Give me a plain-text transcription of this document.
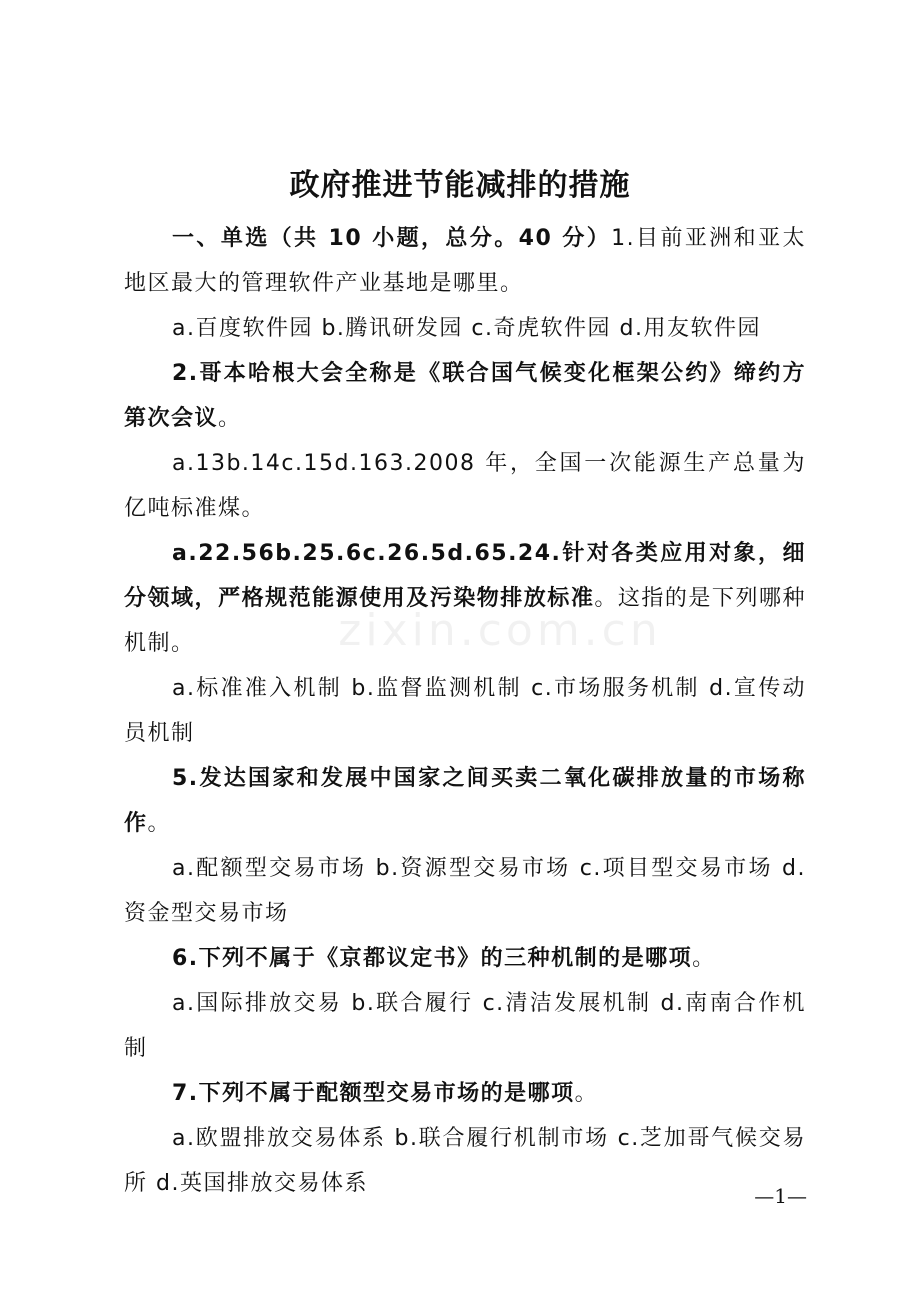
政府推进节能减排的措施

一、单选（共 10 小题，总分。40 分）1.目前亚洲和亚太地区最大的管理软件产业基地是哪里。

a.百度软件园 b.腾讯研发园 c.奇虎软件园 d.用友软件园

2.哥本哈根大会全称是《联合国气候变化框架公约》缔约方第次会议。

a.13b.14c.15d.163.2008 年，全国一次能源生产总量为亿吨标准煤。

a.22.56b.25.6c.26.5d.65.24.针对各类应用对象，细分领域，严格规范能源使用及污染物排放标准。这指的是下列哪种机制。

a.标准准入机制 b.监督监测机制 c.市场服务机制 d.宣传动员机制

5.发达国家和发展中国家之间买卖二氧化碳排放量的市场称作。

a.配额型交易市场 b.资源型交易市场 c.项目型交易市场 d.资金型交易市场

6.下列不属于《京都议定书》的三种机制的是哪项。

a.国际排放交易 b.联合履行 c.清洁发展机制 d.南南合作机制

7.下列不属于配额型交易市场的是哪项。

a.欧盟排放交易体系 b.联合履行机制市场 c.芝加哥气候交易所 d.英国排放交易体系

zixin.com.cn
—1—
